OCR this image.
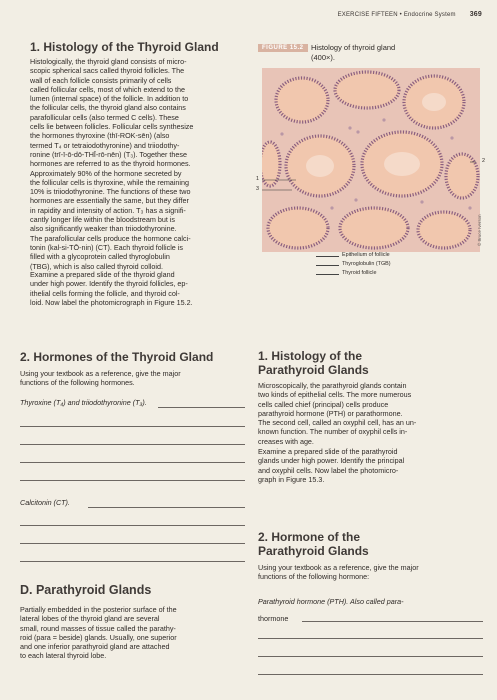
EXERCISE FIFTEEN • Endocrine System 369
1. Histology of the Thyroid Gland
Histologically, the thyroid gland consists of micro-
scopic spherical sacs called thyroid follicles. The
wall of each follicle consists primarily of cells
called follicular cells, most of which extend to the
lumen (internal space) of the follicle. In addition to
the follicular cells, the thyroid gland also contains
parafollicular cells (also termed C cells). These
cells lie between follicles. Follicular cells synthesize
the hormones thyroxine (thī-ROK-sēn) (also
termed T₄ or tetraiodothyronine) and triiodothy-
ronine (trī-ī-ō-dō-THĪ-rō-nēn) (T₃). Together these
hormones are referred to as the thyroid hormones.
Approximately 90% of the hormone secreted by
the follicular cells is thyroxine, while the remaining
10% is triiodothyronine. The functions of these two
hormones are essentially the same, but they differ
in rapidity and intensity of action. T₃ has a signifi-
cantly longer life within the bloodstream but is
also significantly weaker than triiodothyronine.
The parafollicular cells produce the hormone calci-
tonin (kal-si-TŌ-nin) (CT). Each thyroid follicle is
filled with a glycoprotein called thyroglobulin
(TBG), which is also called thyroid colloid.
Examine a prepared slide of the thyroid gland
under high power. Identify the thyroid follicles, ep-
ithelial cells forming the follicle, and thyroid col-
loid. Now label the photomicrograph in Figure 15.2.
2. Hormones of the Thyroid Gland
Using your textbook as a reference, give the major
functions of the following hormones.
Thyroxine (T₄) and triiodothyronine (T₃).
Calcitonin (CT).
D. Parathyroid Glands
Partially embedded in the posterior surface of the
lateral lobes of the thyroid gland are several
small, round masses of tissue called the parathy-
roid (para = beside) glands. Usually, one superior
and one inferior parathyroid gland are attached
to each lateral thyroid lobe.
FIGURE 15.2 Histology of thyroid gland
(400×).
1
3
2
© Bruce Iverson
Epithelium of follicle
Thyroglobulin (TGB)
Thyroid follicle
1. Histology of the
Parathyroid Glands
Microscopically, the parathyroid glands contain
two kinds of epithelial cells. The more numerous
cells called chief (principal) cells produce
parathyroid hormone (PTH) or parathormone.
The second cell, called an oxyphil cell, has an un-
known function. The number of oxyphil cells in-
creases with age.
Examine a prepared slide of the parathyroid
glands under high power. Identify the principal
and oxyphil cells. Now label the photomicro-
graph in Figure 15.3.
2. Hormone of the
Parathyroid Glands
Using your textbook as a reference, give the major
functions of the following hormone:
Parathyroid hormone (PTH). Also called para-
thormone
